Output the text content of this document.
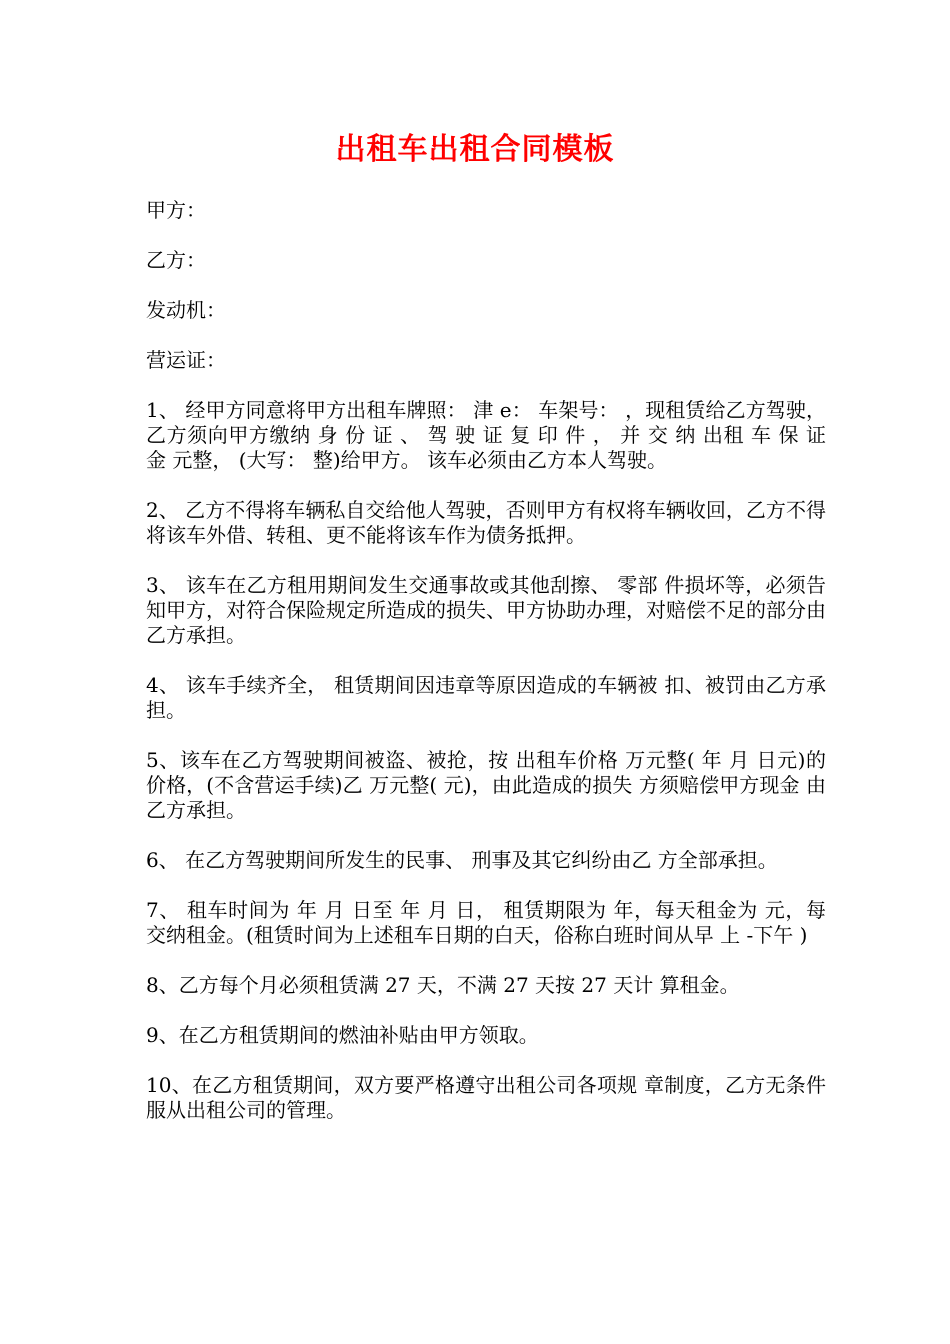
出租车出租合同模板

甲方：

乙方：

发动机：

营运证：

1、 经甲方同意将甲方出租车牌照： 津 e： 车架号： ，现租赁给乙方驾驶，乙方须向甲方缴纳 身 份 证 、 驾 驶 证 复 印 件 ， 并 交 纳 出租 车 保 证 金 元整， (大写： 整)给甲方。 该车必须由乙方本人驾驶。

2、 乙方不得将车辆私自交给他人驾驶，否则甲方有权将车辆收回，乙方不得将该车外借、转租、更不能将该车作为债务抵押。

3、 该车在乙方租用期间发生交通事故或其他刮擦、 零部 件损坏等，必须告知甲方，对符合保险规定所造成的损失、甲方协助办理，对赔偿不足的部分由乙方承担。

4、 该车手续齐全， 租赁期间因违章等原因造成的车辆被 扣、被罚由乙方承担。

5、该车在乙方驾驶期间被盗、被抢，按 出租车价格 万元整( 年 月 日元)的价格，(不含营运手续)乙 万元整( 元)，由此造成的损失 方须赔偿甲方现金 由乙方承担。

6、 在乙方驾驶期间所发生的民事、 刑事及其它纠纷由乙 方全部承担。

7、 租车时间为 年 月 日至 年 月 日， 租赁期限为 年，每天租金为 元，每 交纳租金。(租赁时间为上述租车日期的白天，俗称白班时间从早 上 -下午 )

8、乙方每个月必须租赁满 27 天，不满 27 天按 27 天计 算租金。

9、在乙方租赁期间的燃油补贴由甲方领取。

10、在乙方租赁期间，双方要严格遵守出租公司各项规 章制度，乙方无条件服从出租公司的管理。
